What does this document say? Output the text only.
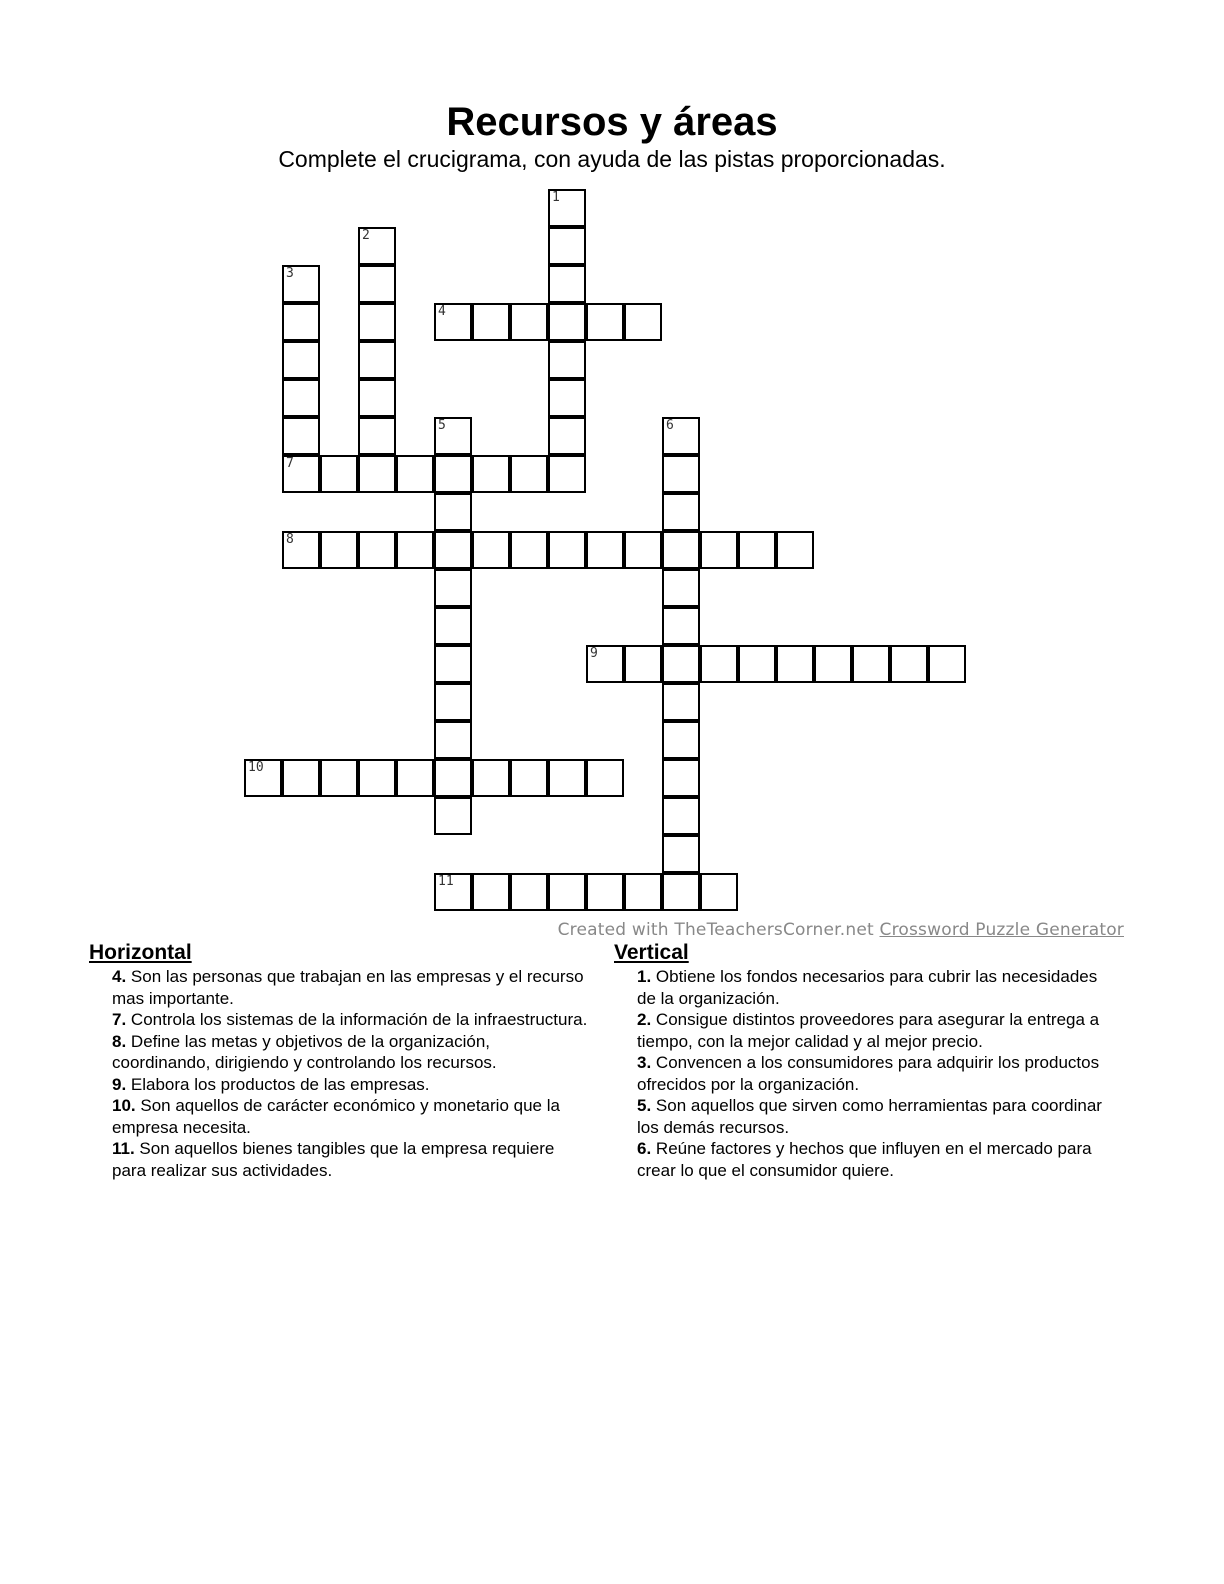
Recursos y áreas

Complete el crucigrama, con ayuda de las pistas proporcionadas.

1
2
3
7
4
5	6
8
9
10
11
Created with TheTeachersCorner.net Crossword Puzzle Generator

Horizontal

4. Son las personas que trabajan en las empresas y el recurso mas importante.
7. Controla los sistemas de la información de la infraestructura.
8. Define las metas y objetivos de la organización, coordinando, dirigiendo y controlando los recursos.
9. Elabora los productos de las empresas.
10. Son aquellos de carácter económico y monetario que la empresa necesita.
11. Son aquellos bienes tangibles que la empresa requiere para realizar sus actividades.

Vertical

1. Obtiene los fondos necesarios para cubrir las necesidades de la organización.
2. Consigue distintos proveedores para asegurar la entrega a tiempo, con la mejor calidad y al mejor precio.
3. Convencen a los consumidores para adquirir los productos ofrecidos por la organización.
5. Son aquellos que sirven como herramientas para coordinar los demás recursos.
6. Reúne factores y hechos que influyen en el mercado para crear lo que el consumidor quiere.
